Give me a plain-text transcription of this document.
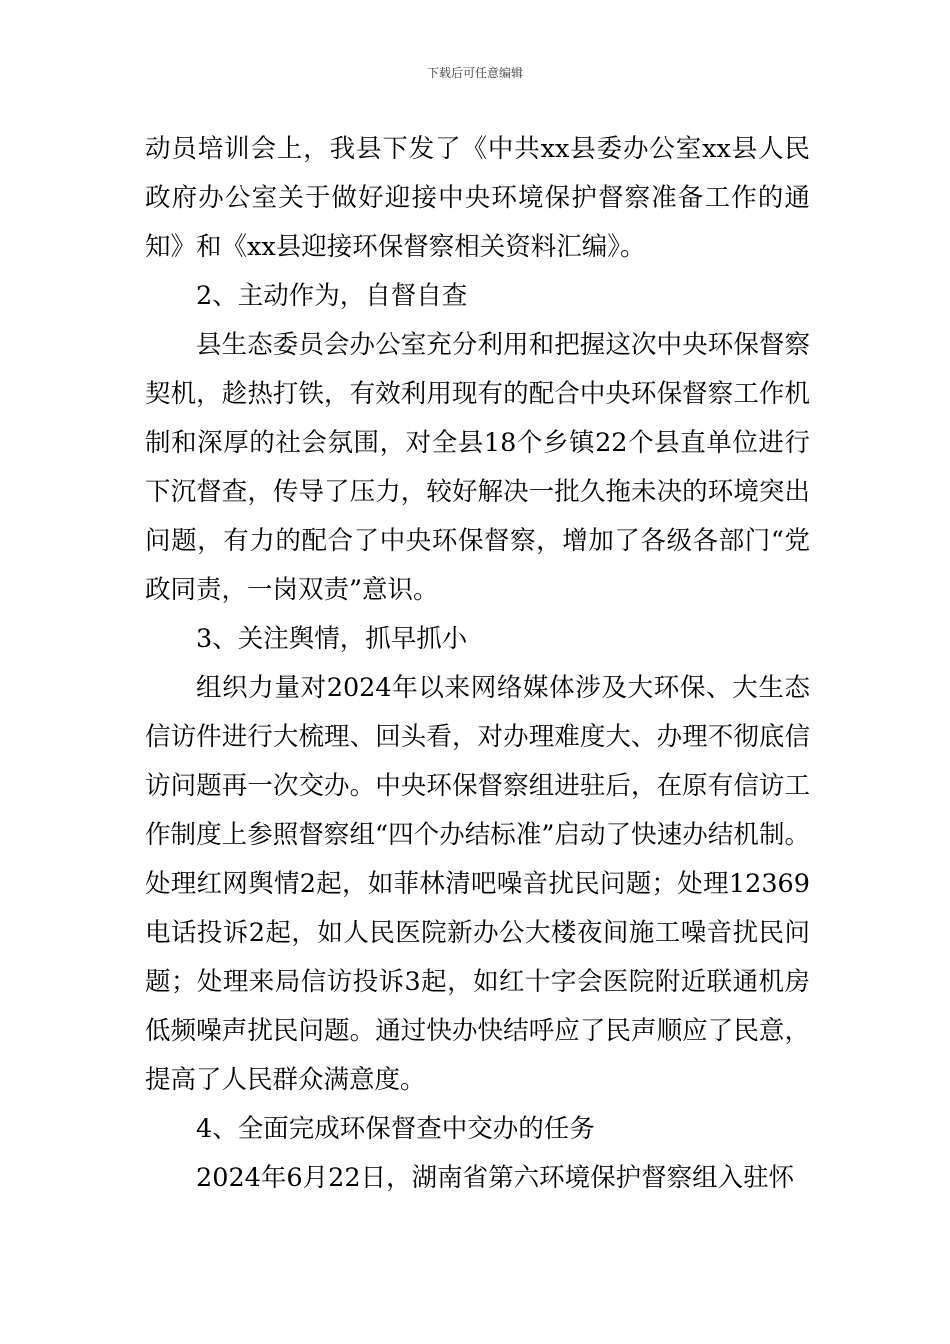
下载后可任意编辑

动员培训会上，我县下发了《中共xx县委办公室xx县人民政府办公室关于做好迎接中央环境保护督察准备工作的通知》和《xx县迎接环保督察相关资料汇编》。

2、主动作为，自督自查

县生态委员会办公室充分利用和把握这次中央环保督察契机，趁热打铁，有效利用现有的配合中央环保督察工作机制和深厚的社会氛围，对全县18个乡镇22个县直单位进行下沉督查，传导了压力，较好解决一批久拖未决的环境突出问题，有力的配合了中央环保督察，增加了各级各部门“党政同责，一岗双责”意识。

3、关注舆情，抓早抓小

组织力量对2024年以来网络媒体涉及大环保、大生态信访件进行大梳理、回头看，对办理难度大、办理不彻底信访问题再一次交办。中央环保督察组进驻后，在原有信访工作制度上参照督察组“四个办结标准”启动了快速办结机制。处理红网舆情2起，如菲林清吧噪音扰民问题；处理12369电话投诉2起，如人民医院新办公大楼夜间施工噪音扰民问题；处理来局信访投诉3起，如红十字会医院附近联通机房低频噪声扰民问题。通过快办快结呼应了民声顺应了民意，提高了人民群众满意度。

4、全面完成环保督查中交办的任务

2024年6月22日，湖南省第六环境保护督察组入驻怀
